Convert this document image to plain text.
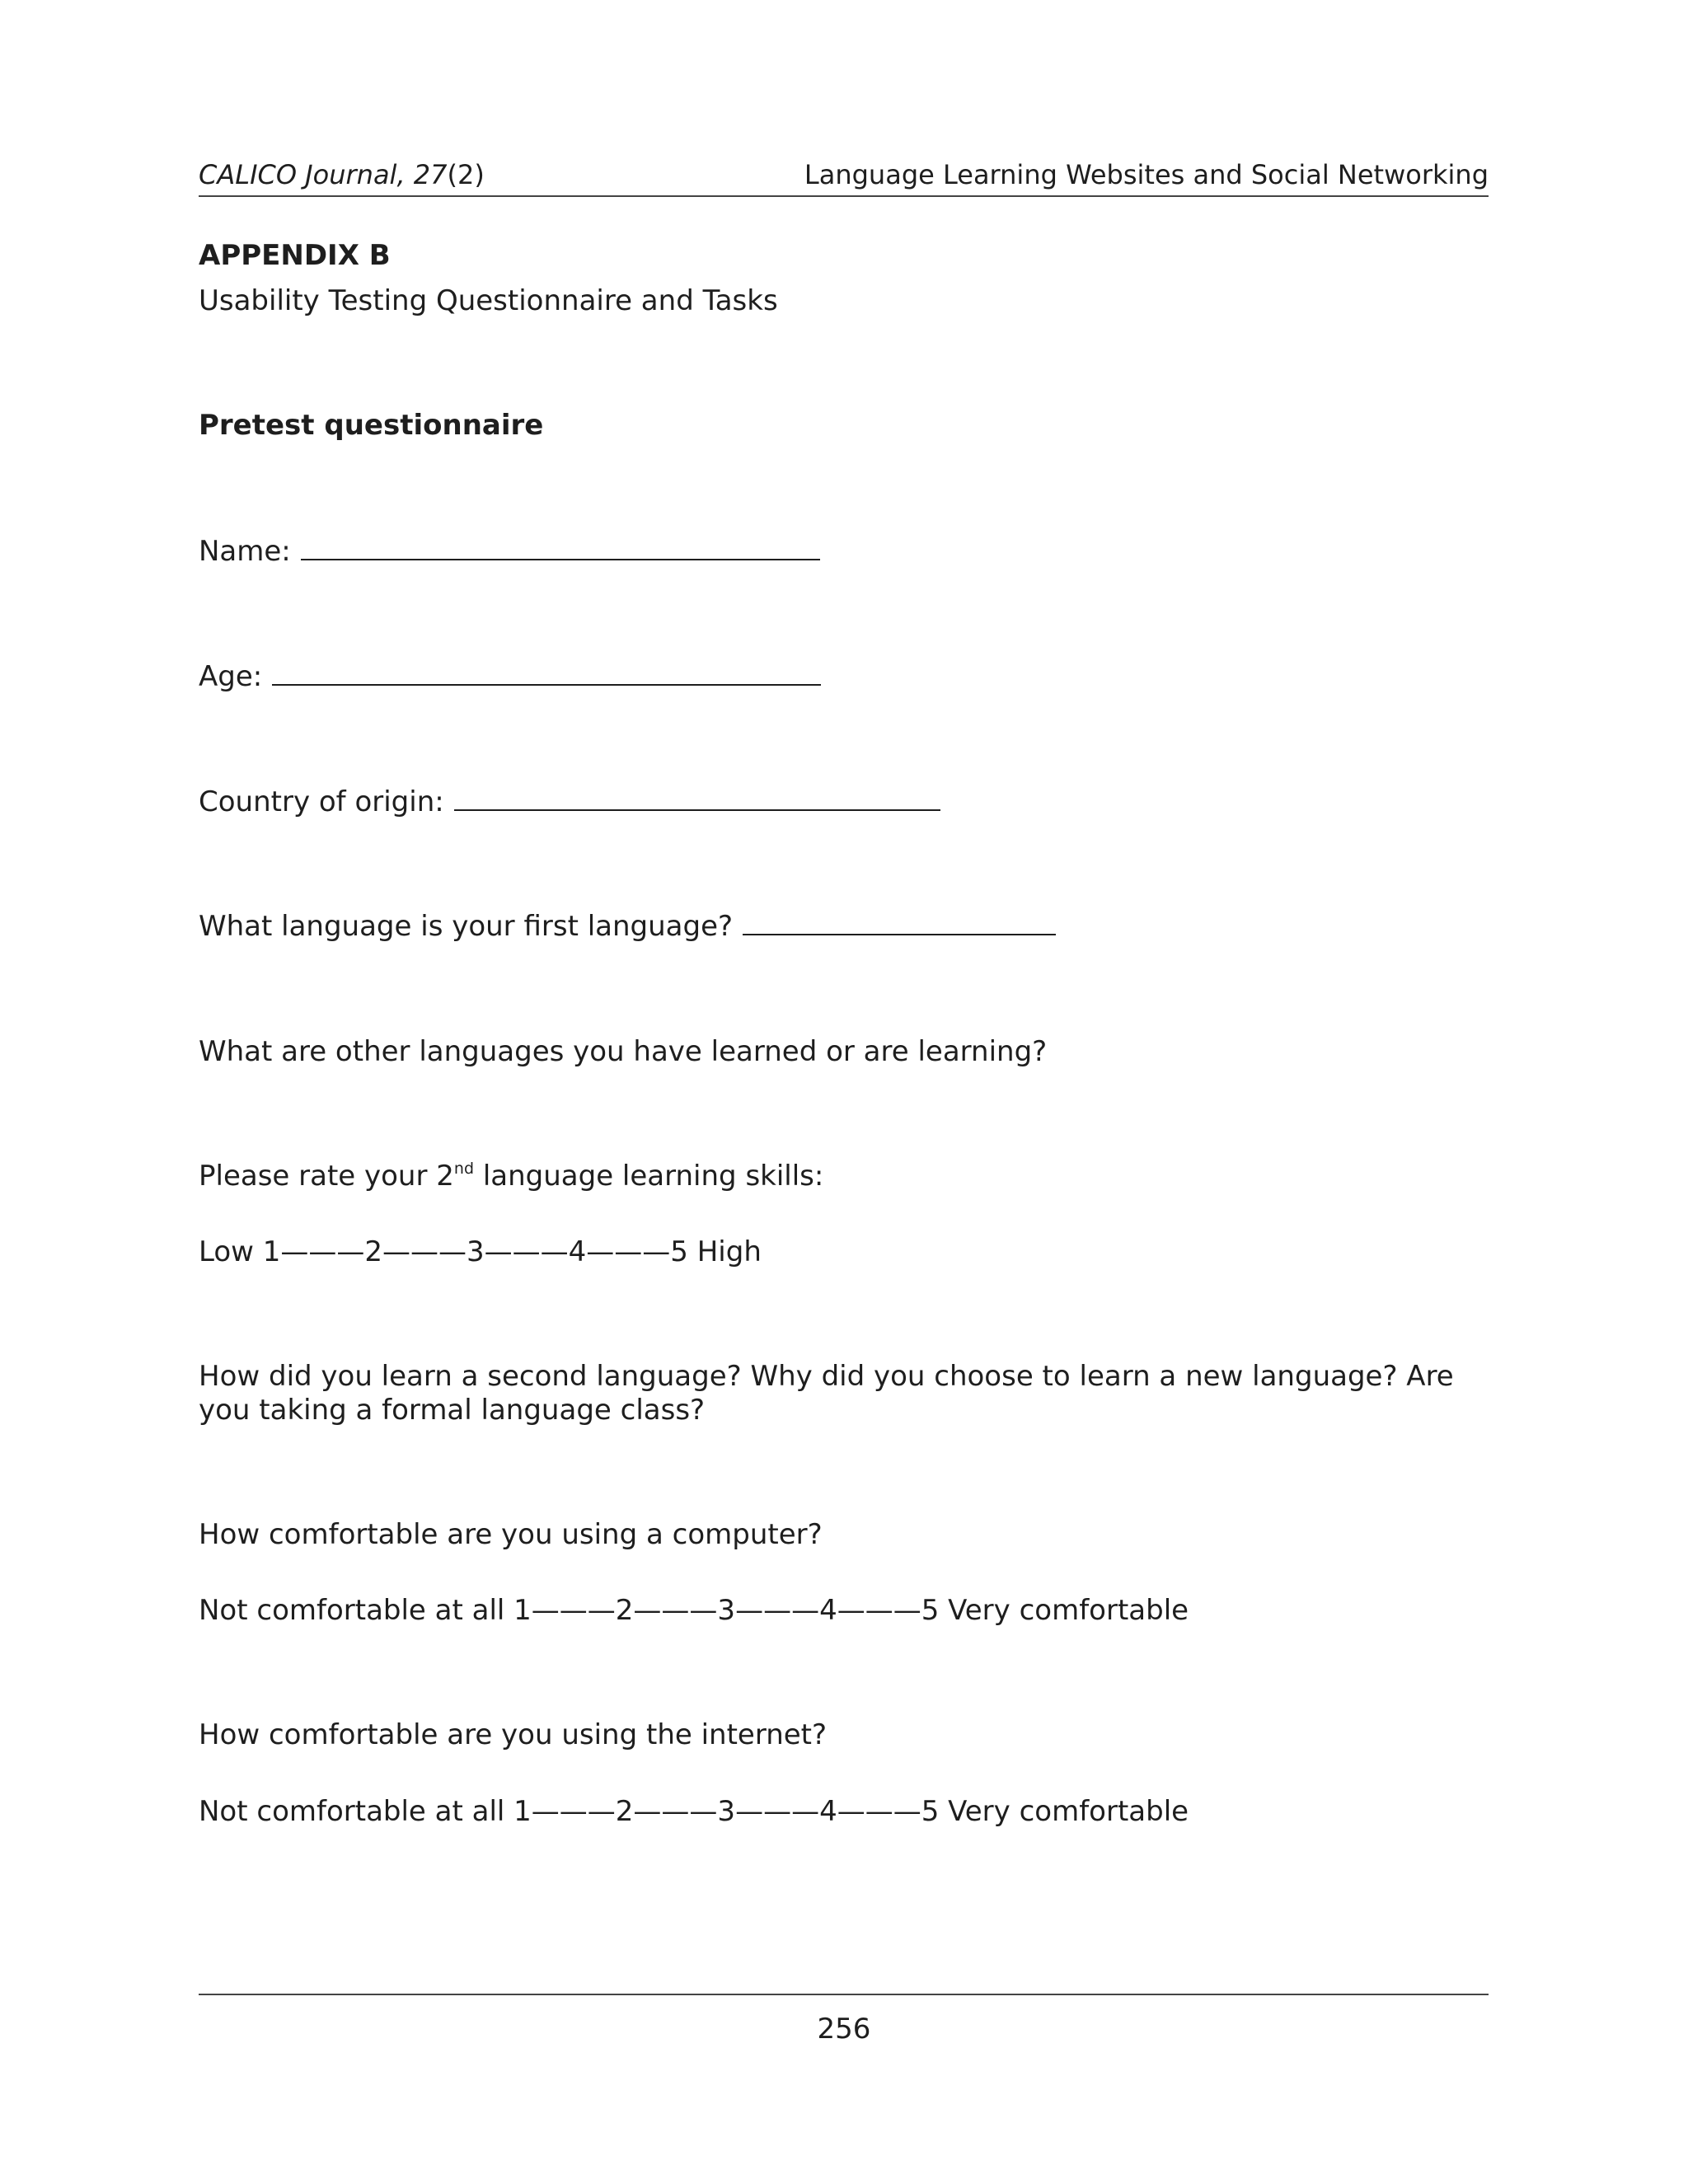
CALICO Journal, 27(2)	Language Learning Websites and Social Networking
APPENDIX B
Usability Testing Questionnaire and Tasks
Pretest questionnaire
Name:
Age:
Country of origin:
What language is your first language?
What are other languages you have learned or are learning?
Please rate your 2nd language learning skills:
Low 1———2———3———4———5 High
How did you learn a second language? Why did you choose to learn a new language? Are you taking a formal language class?
How comfortable are you using a computer?
Not comfortable at all 1———2———3———4———5 Very comfortable
How comfortable are you using the internet?
Not comfortable at all 1———2———3———4———5 Very comfortable
256
